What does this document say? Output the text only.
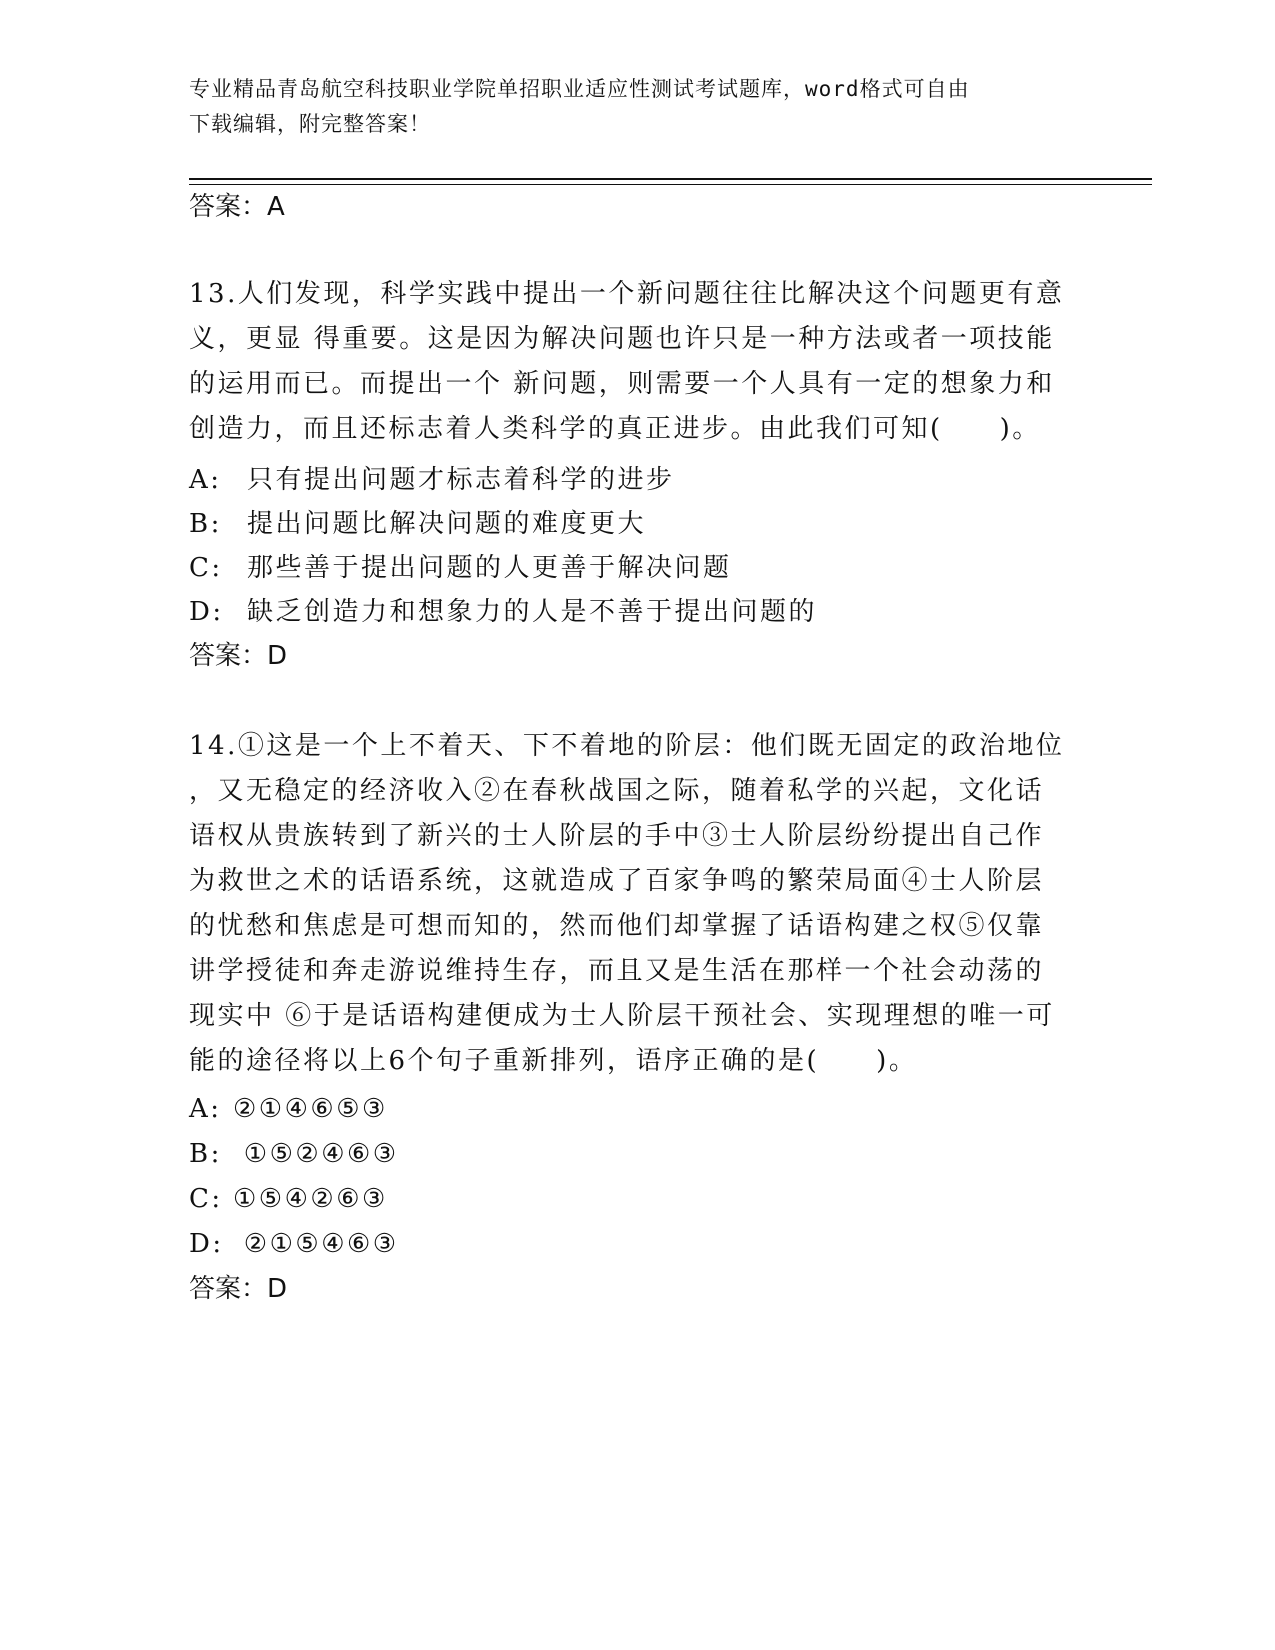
专业精品青岛航空科技职业学院单招职业适应性测试考试题库，word格式可自由
下载编辑，附完整答案！
答案：A
13.人们发现，科学实践中提出一个新问题往往比解决这个问题更有意
义，更显 得重要。这是因为解决问题也许只是一种方法或者一项技能
的运用而已。而提出一个 新问题，则需要一个人具有一定的想象力和
创造力，而且还标志着人类科学的真正进步。由此我们可知(　　)。
A: 只有提出问题才标志着科学的进步
B: 提出问题比解决问题的难度更大
C: 那些善于提出问题的人更善于解决问题
D: 缺乏创造力和想象力的人是不善于提出问题的
答案：D
14.①这是一个上不着天、下不着地的阶层：他们既无固定的政治地位
，又无稳定的经济收入②在春秋战国之际，随着私学的兴起，文化话
语权从贵族转到了新兴的士人阶层的手中③士人阶层纷纷提出自己作
为救世之术的话语系统，这就造成了百家争鸣的繁荣局面④士人阶层
的忧愁和焦虑是可想而知的，然而他们却掌握了话语构建之权⑤仅靠
讲学授徒和奔走游说维持生存，而且又是生活在那样一个社会动荡的
现实中 ⑥于是话语构建便成为士人阶层干预社会、实现理想的唯一可
能的途径将以上6个句子重新排列，语序正确的是(　　)。
A: ②①④⑥⑤③
B: ①⑤②④⑥③
C: ①⑤④②⑥③
D: ②①⑤④⑥③
答案：D
